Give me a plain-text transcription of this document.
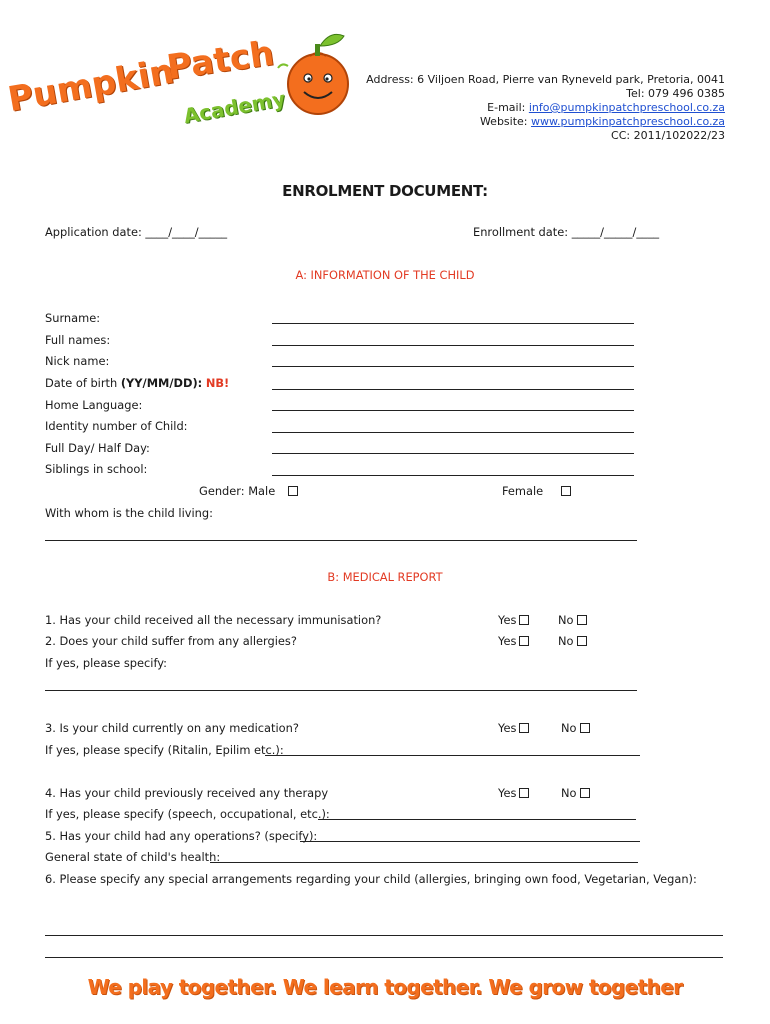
Pumpkin
Patch
Academy
Address: 6 Viljoen Road, Pierre van Ryneveld park, Pretoria, 0041
Tel: 079 496 0385
E-mail: info@pumpkinpatchpreschool.co.za
Website: www.pumpkinpatchpreschool.co.za
CC: 2011/102022/23
ENROLMENT DOCUMENT:
Application date: ____/____/_____	Enrollment date: _____/_____/____
A: INFORMATION OF THE CHILD
Surname:
Full names:
Nick name:
Date of birth (YY/MM/DD): NB!
Home Language:
Identity number of Child:
Full Day/ Half Day:
Siblings in school:
Gender: Male	Female
With whom is the child living:
B: MEDICAL REPORT
1. Has your child received all the necessary immunisation?	Yes	No
2. Does your child suffer from any allergies?	Yes	No
If yes, please specify:
3. Is your child currently on any medication?	Yes	No
If yes, please specify (Ritalin, Epilim etc.):
4. Has your child previously received any therapy	Yes	No
If yes, please specify (speech, occupational, etc.):
5. Has your child had any operations? (specify):
General state of child's health:
6. Please specify any special arrangements regarding your child (allergies, bringing own food, Vegetarian, Vegan):
We play together. We learn together. We grow together
